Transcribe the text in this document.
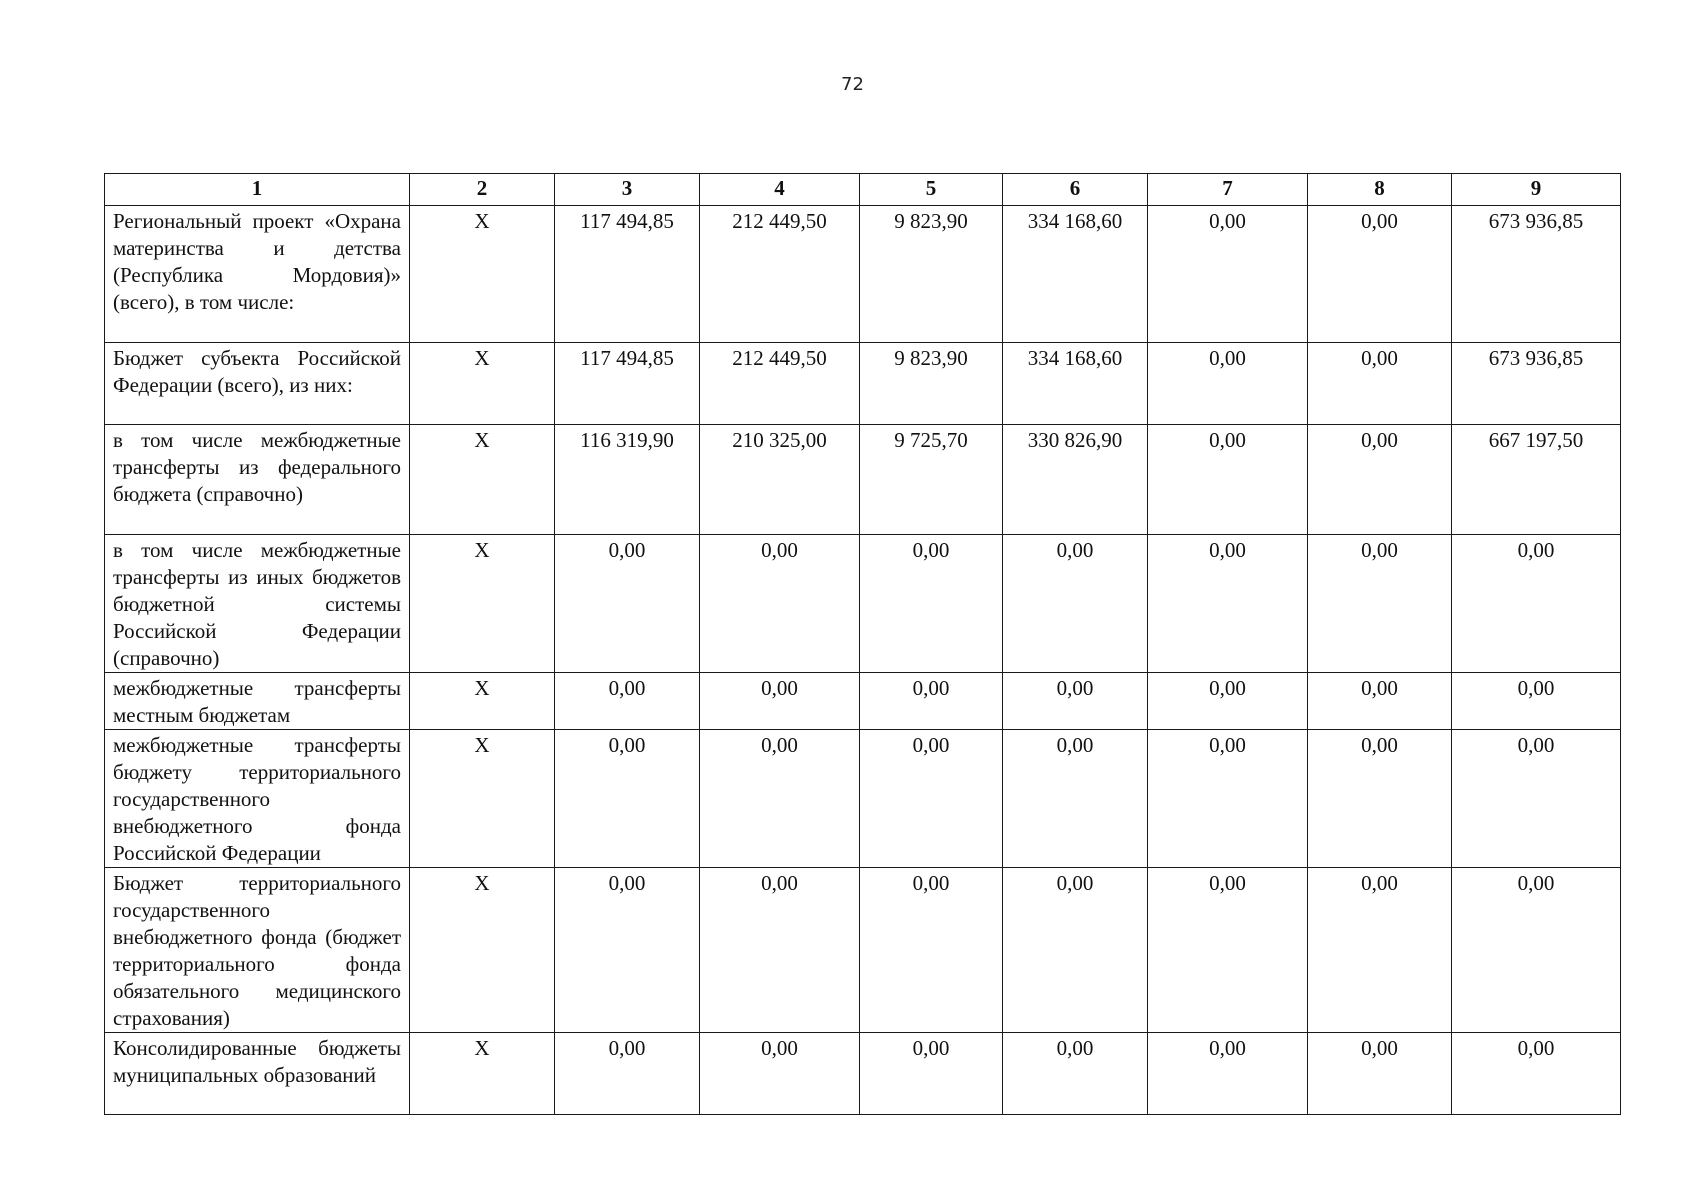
72
1	2	3	4	5	6	7	8	9
Региональный проект «Охрана материнства и детства (Республика Мордовия)» (всего), в том числе:	X	117 494,85	212 449,50	9 823,90	334 168,60	0,00	0,00	673 936,85
Бюджет субъекта Российской Федерации (всего), из них:	X	117 494,85	212 449,50	9 823,90	334 168,60	0,00	0,00	673 936,85
в том числе межбюджетные трансферты из федерального бюджета (справочно)	X	116 319,90	210 325,00	9 725,70	330 826,90	0,00	0,00	667 197,50
в том числе межбюджетные трансферты из иных бюджетов бюджетной системы Российской Федерации (справочно)	X	0,00	0,00	0,00	0,00	0,00	0,00	0,00
межбюджетные трансферты местным бюджетам	X	0,00	0,00	0,00	0,00	0,00	0,00	0,00
межбюджетные трансферты бюджету территориального государственного внебюджетного фонда Российской Федерации	X	0,00	0,00	0,00	0,00	0,00	0,00	0,00
Бюджет территориального государственного внебюджетного фонда (бюджет территориального фонда обязательного медицинского страхования)	X	0,00	0,00	0,00	0,00	0,00	0,00	0,00
Консолидированные бюджеты муниципальных образований	X	0,00	0,00	0,00	0,00	0,00	0,00	0,00
